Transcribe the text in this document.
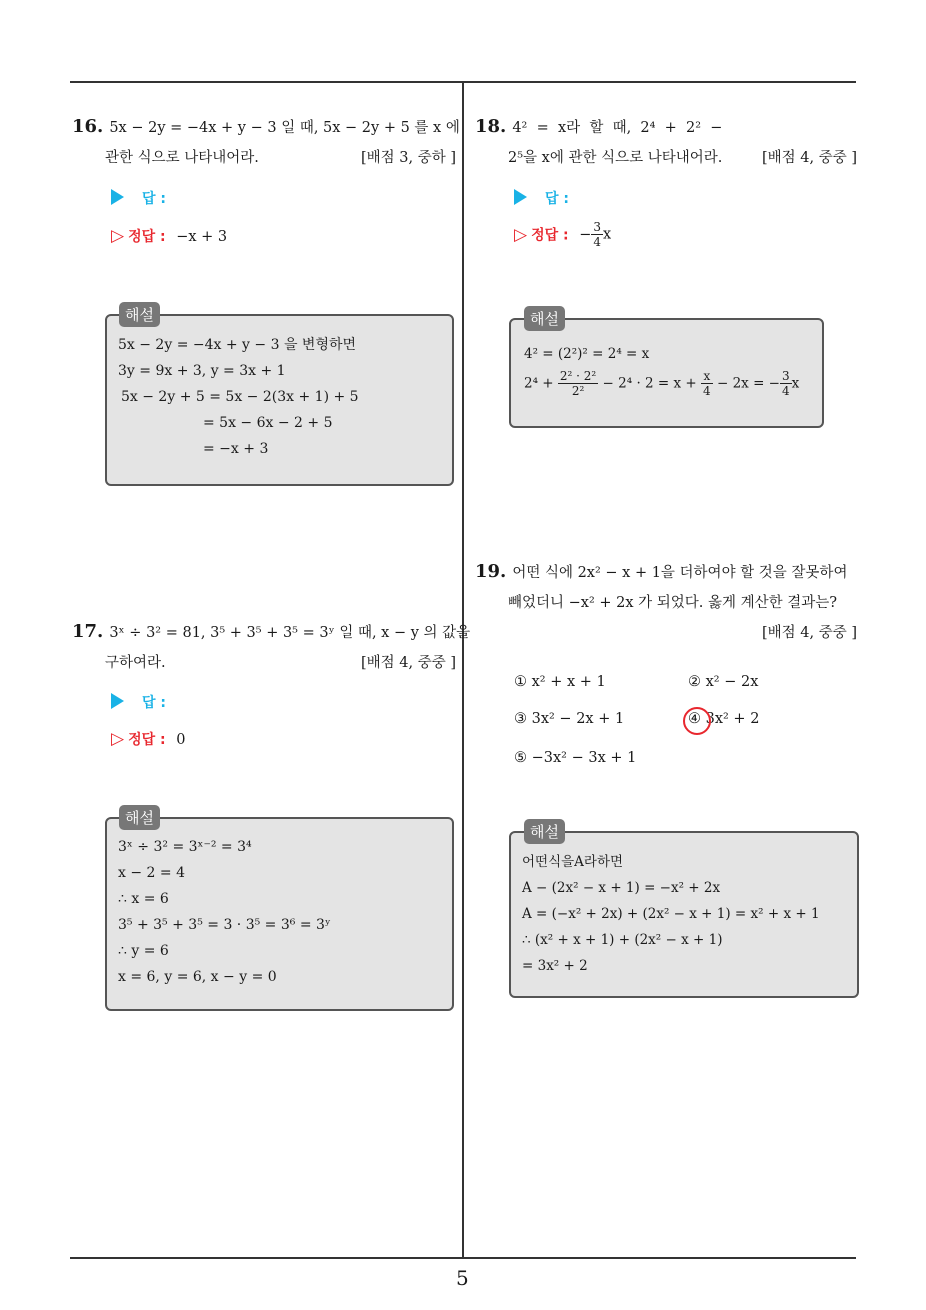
16. 5x − 2y = −4x + y − 3 일 때, 5x − 2y + 5 를 x 에
관한 식으로 나타내어라.	[배점 3, 중하 ]
답 :
▷ 정답 : −x + 3
해설
5x − 2y = −4x + y − 3 을 변형하면
3y = 9x + 3, y = 3x + 1
5x − 2y + 5 = 5x − 2(3x + 1) + 5
= 5x − 6x − 2 + 5
= −x + 3
17. 3ˣ ÷ 3² = 81, 3⁵ + 3⁵ + 3⁵ = 3ʸ 일 때, x − y 의 값을
구하여라.	[배점 4, 중중 ]
답 :
▷ 정답 : 0
해설
3ˣ ÷ 3² = 3ˣ⁻² = 3⁴
x − 2 = 4
∴ x = 6
3⁵ + 3⁵ + 3⁵ = 3 · 3⁵ = 3⁶ = 3ʸ
∴ y = 6
x = 6, y = 6, x − y = 0
18. 4²  =  x라  할  때,  2⁴  +  2²  −
2⁵을 x에 관한 식으로 나타내어라.	[배점 4, 중중 ]
답 :
▷ 정답 : − $\frac{3}{4}$ x
해설
4² = (2²)² = 2⁴ = x
$2^4 + \frac{\text{2² · 2²}}{\text{2²}} - 2^4 \cdot 2 = x + \frac{x}{4} - 2x$ = − $\frac{3}{4}$ x
19. 어떤 식에 2x² − x + 1을 더하여야 할 것을 잘못하여
빼었더니 −x² + 2x 가 되었다. 옳게 계산한 결과는?
[배점 4, 중중 ]
① x² + x + 1	② x² − 2x
③ 3x² − 2x + 1	④ 3x² + 2
⑤ −3x² − 3x + 1
해설
어떤식을A라하면
A − (2x² − x + 1) = −x² + 2x
A = (−x² + 2x) + (2x² − x + 1) = x² + x + 1
∴ (x² + x + 1) + (2x² − x + 1)
= 3x² + 2
5
